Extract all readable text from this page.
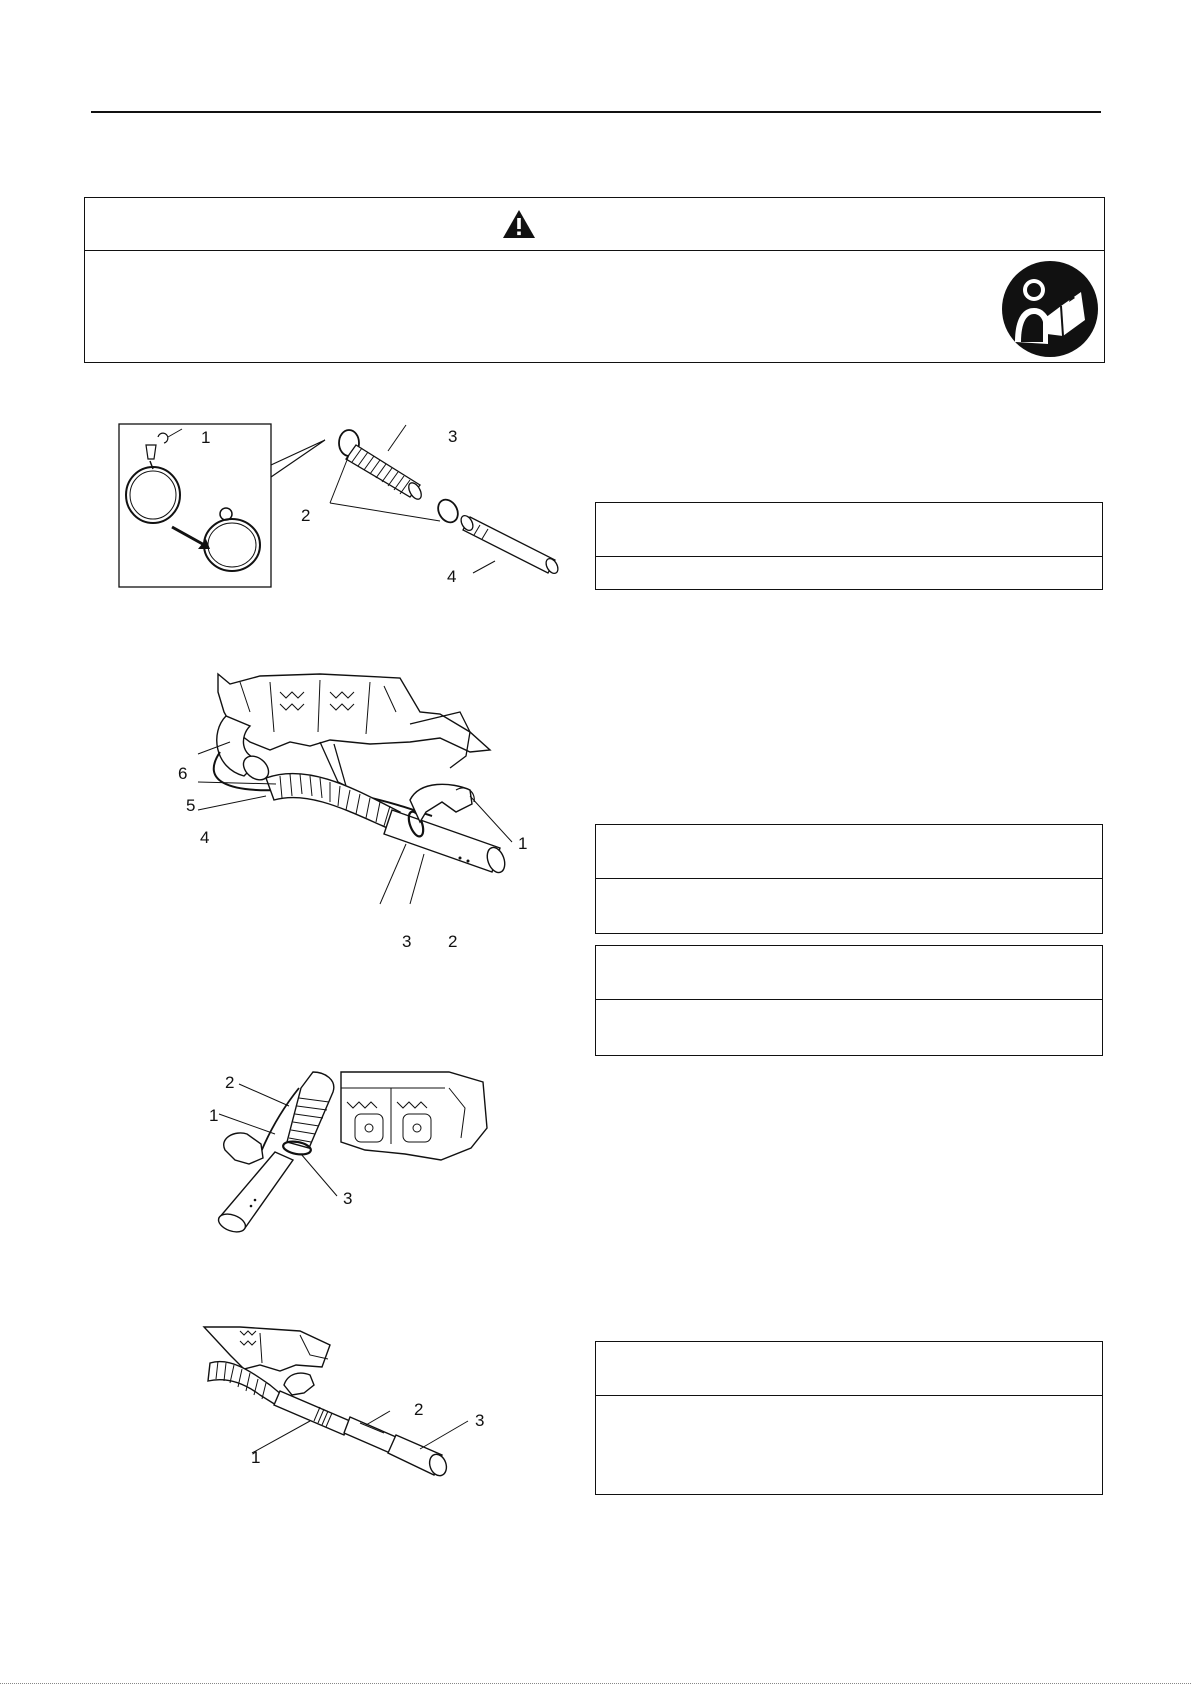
1
2
3
4
1
2
3
4
5
6
1
2
3
1
2
3
